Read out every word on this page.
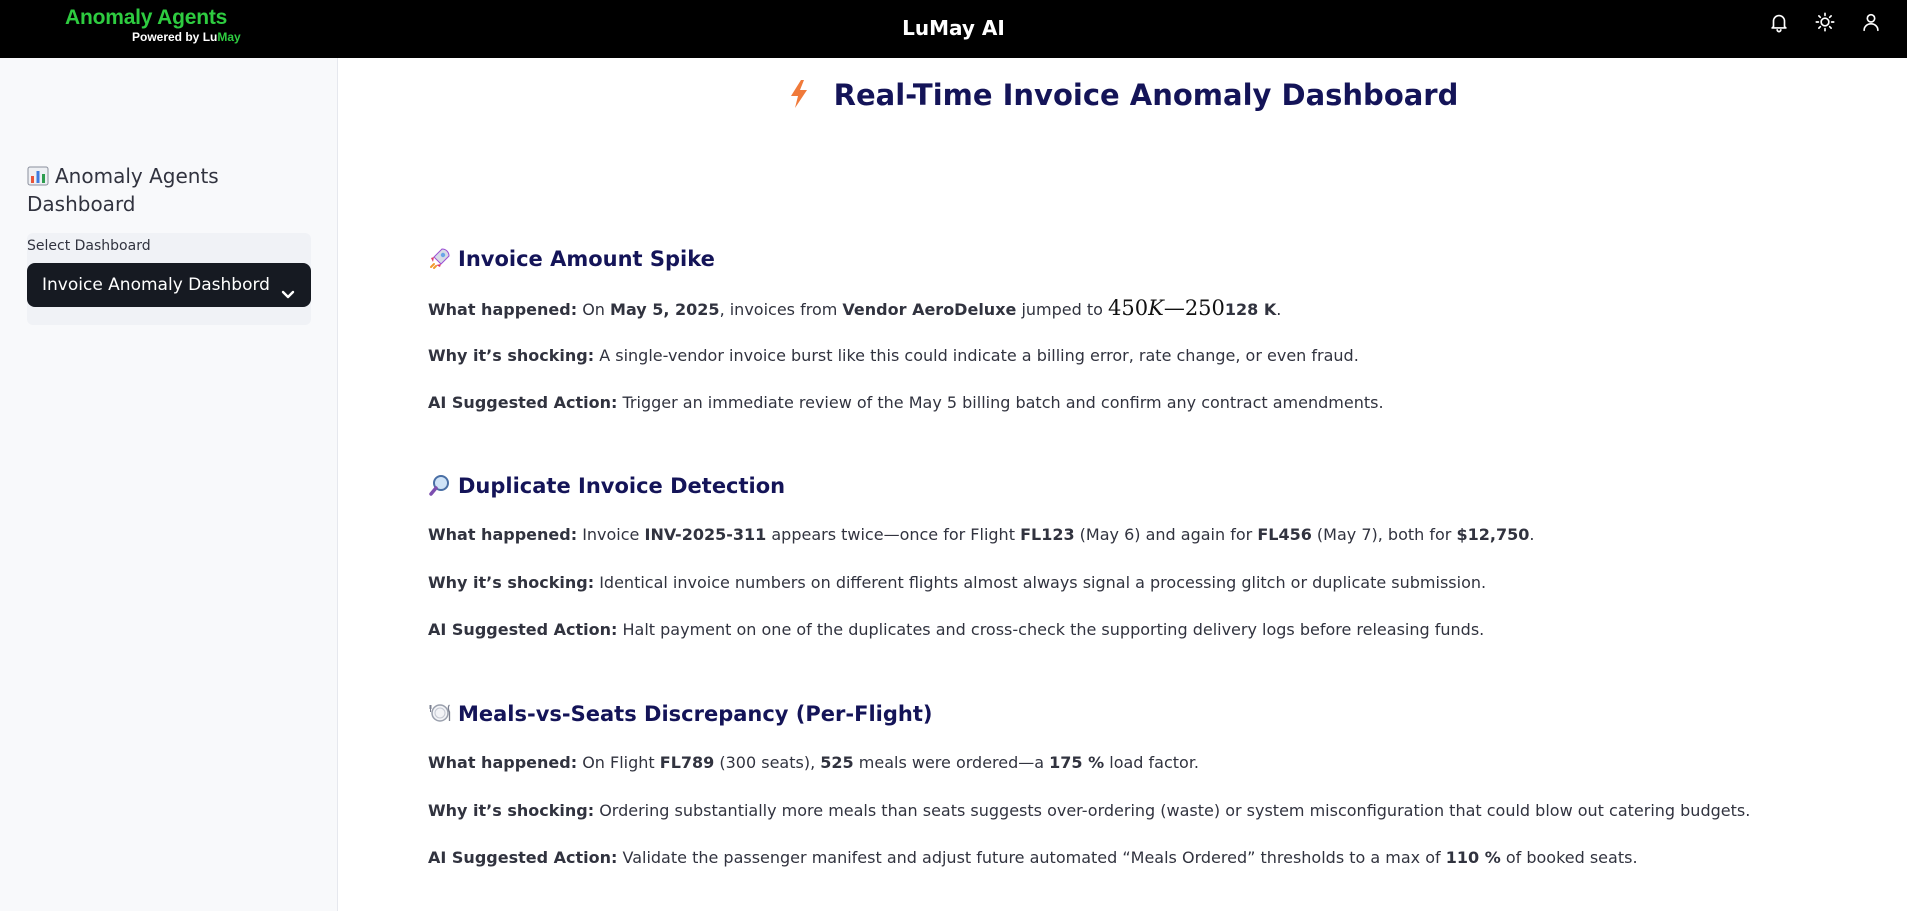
Anomaly Agents
Powered by LuMay	LuMay AI
Anomaly Agents Dashboard
Select Dashboard
Invoice Anomaly Dashbord
Real-Time Invoice Anomaly Dashboard
Invoice Amount Spike
What happened: On May 5, 2025, invoices from Vendor AeroDeluxe jumped to 450K—250128 K.
Why it’s shocking: A single-vendor invoice burst like this could indicate a billing error, rate change, or even fraud.
AI Suggested Action: Trigger an immediate review of the May 5 billing batch and confirm any contract amendments.
Duplicate Invoice Detection
What happened: Invoice INV-2025-311 appears twice—once for Flight FL123 (May 6) and again for FL456 (May 7), both for $12,750.
Why it’s shocking: Identical invoice numbers on different flights almost always signal a processing glitch or duplicate submission.
AI Suggested Action: Halt payment on one of the duplicates and cross-check the supporting delivery logs before releasing funds.
Meals-vs-Seats Discrepancy (Per-Flight)
What happened: On Flight FL789 (300 seats), 525 meals were ordered—a 175 % load factor.
Why it’s shocking: Ordering substantially more meals than seats suggests over-ordering (waste) or system misconfiguration that could blow out catering budgets.
AI Suggested Action: Validate the passenger manifest and adjust future automated “Meals Ordered” thresholds to a max of 110 % of booked seats.
